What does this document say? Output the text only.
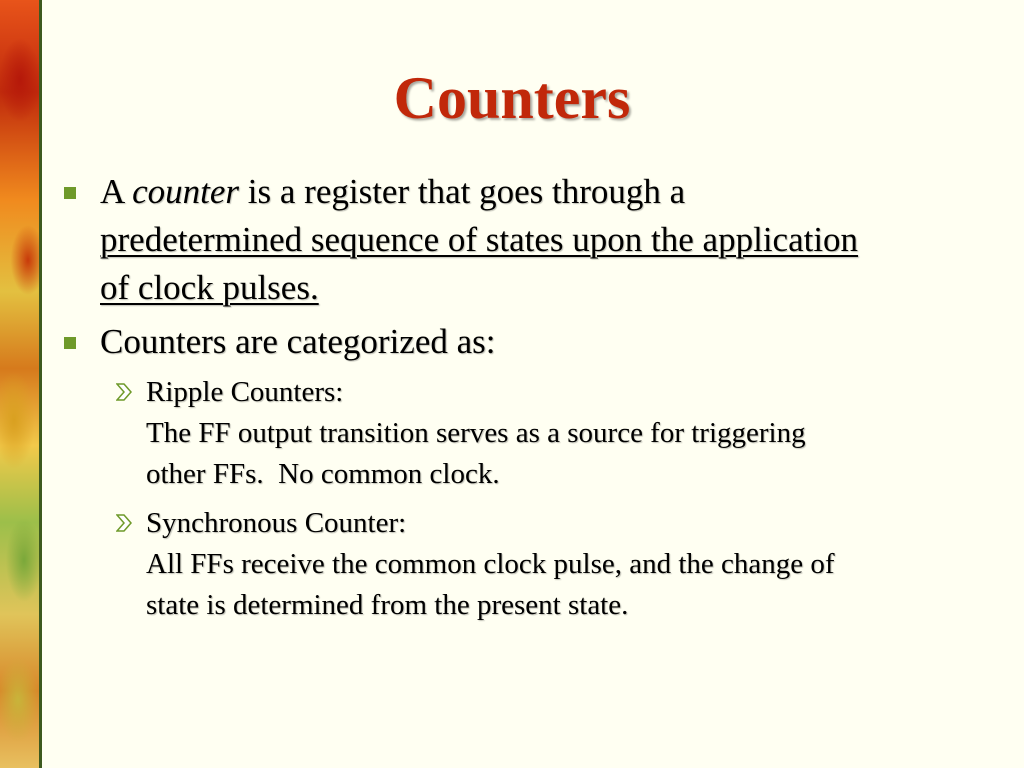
Counters
A counter is a register that goes through a
predetermined sequence of states upon the application
of clock pulses.
Counters are categorized as:
Ripple Counters:
The FF output transition serves as a source for triggering
other FFs.  No common clock.
Synchronous Counter:
All FFs receive the common clock pulse, and the change of
state is determined from the present state.
